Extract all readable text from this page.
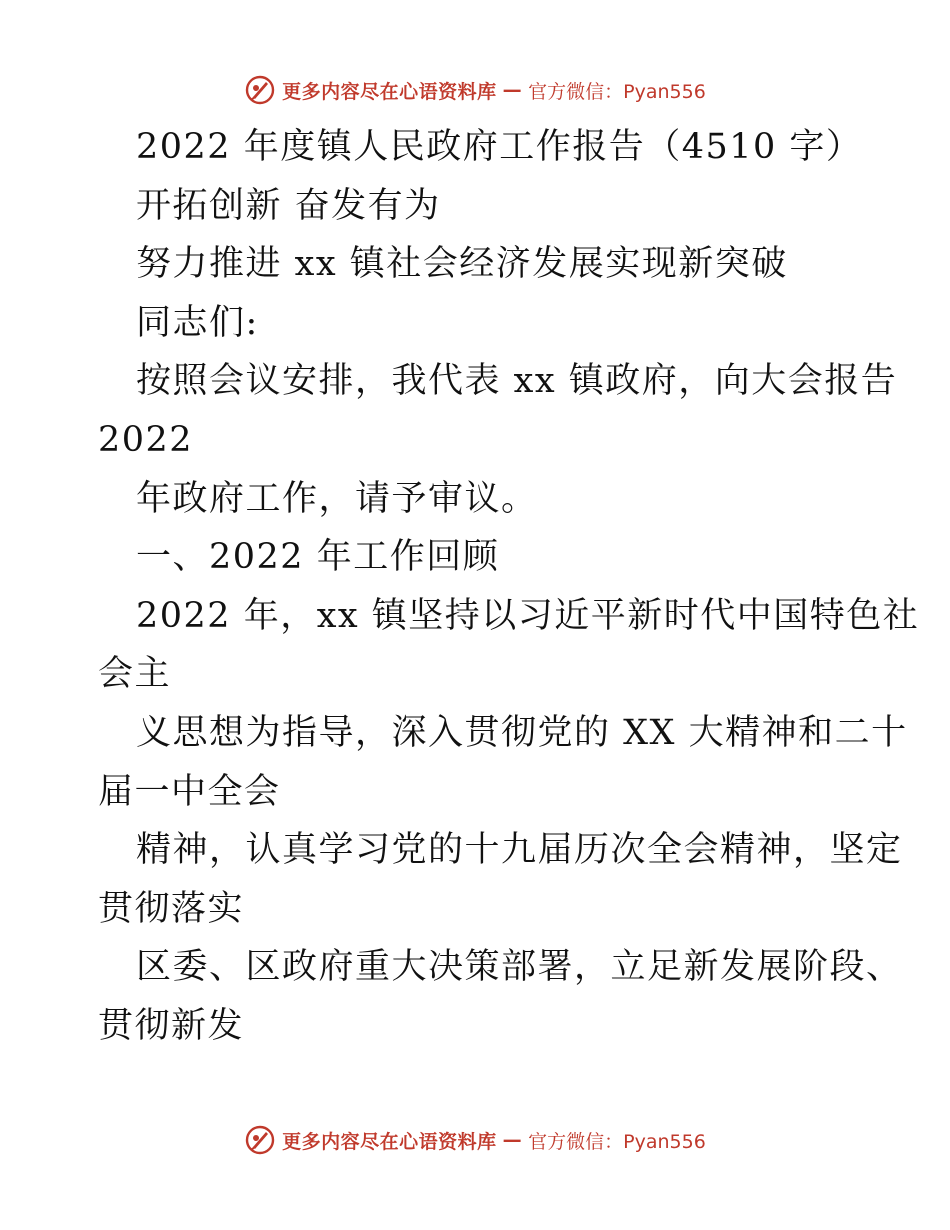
更多内容尽在心语资料库 — 官方微信：Pyan556
2022 年度镇人民政府工作报告（4510 字）
开拓创新 奋发有为
努力推进 xx 镇社会经济发展实现新突破
同志们:
按照会议安排，我代表 xx 镇政府，向大会报告
2022
年政府工作，请予审议。
一、2022 年工作回顾
2022 年，xx 镇坚持以习近平新时代中国特色社
会主
义思想为指导，深入贯彻党的 XX 大精神和二十
届一中全会
精神，认真学习党的十九届历次全会精神，坚定
贯彻落实
区委、区政府重大决策部署，立足新发展阶段、
贯彻新发
更多内容尽在心语资料库 — 官方微信：Pyan556
